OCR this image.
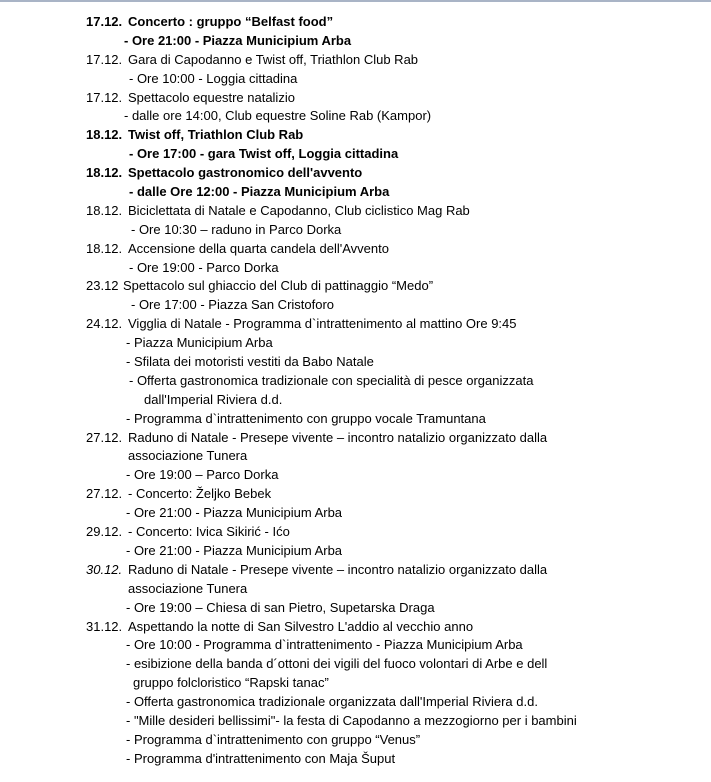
17.12. Concerto : gruppo “Belfast food”
- Ore 21:00 - Piazza Municipium Arba
17.12. Gara di Capodanno e Twist off, Triathlon Club Rab
- Ore 10:00 - Loggia cittadina
17.12. Spettacolo equestre natalizio
- dalle ore 14:00, Club equestre Soline Rab (Kampor)
18.12. Twist off, Triathlon Club Rab
- Ore 17:00 - gara Twist off, Loggia cittadina
18.12. Spettacolo gastronomico dell'avvento
- dalle Ore 12:00 - Piazza Municipium Arba
18.12. Biciclettata di Natale e Capodanno, Club ciclistico Mag Rab
- Ore 10:30 – raduno in Parco Dorka
18.12. Accensione della quarta candela dell'Avvento
- Ore 19:00 - Parco Dorka
23.12 Spettacolo sul ghiaccio del Club di pattinaggio “Medo”
- Ore 17:00 - Piazza San Cristoforo
24.12. Vigglia di Natale - Programma d`intrattenimento al mattino Ore 9:45
- Piazza Municipium Arba
- Sfilata dei motoristi vestiti da Babo Natale
- Offerta gastronomica tradizionale con specialità di pesce organizzata
dall'Imperial Riviera d.d.
- Programma d`intrattenimento con gruppo vocale Tramuntana
27.12. Raduno di Natale - Presepe vivente – incontro natalizio organizzato dalla
associazione Tunera
- Ore 19:00 – Parco Dorka
27.12. - Concerto: Željko Bebek
- Ore 21:00 - Piazza Municipium Arba
29.12. - Concerto: Ivica Sikirić - Ićo
- Ore 21:00 - Piazza Municipium Arba
30.12. Raduno di Natale - Presepe vivente – incontro natalizio organizzato dalla
associazione Tunera
- Ore 19:00 – Chiesa di san Pietro, Supetarska Draga
31.12. Aspettando la notte di San Silvestro L'addio al vecchio anno
- Ore 10:00 - Programma d`intrattenimento - Piazza Municipium Arba
- esibizione della banda d´ottoni dei vigili del fuoco volontari di Arbe e dell
gruppo folcloristico “Rapski tanac”
- Offerta gastronomica tradizionale organizzata dall'Imperial Riviera d.d.
- "Mille desideri bellissimi"- la festa di Capodanno a mezzogiorno per i bambini
- Programma d`intrattenimento con gruppo “Venus”
- Programma d'intrattenimento con Maja Šuput
